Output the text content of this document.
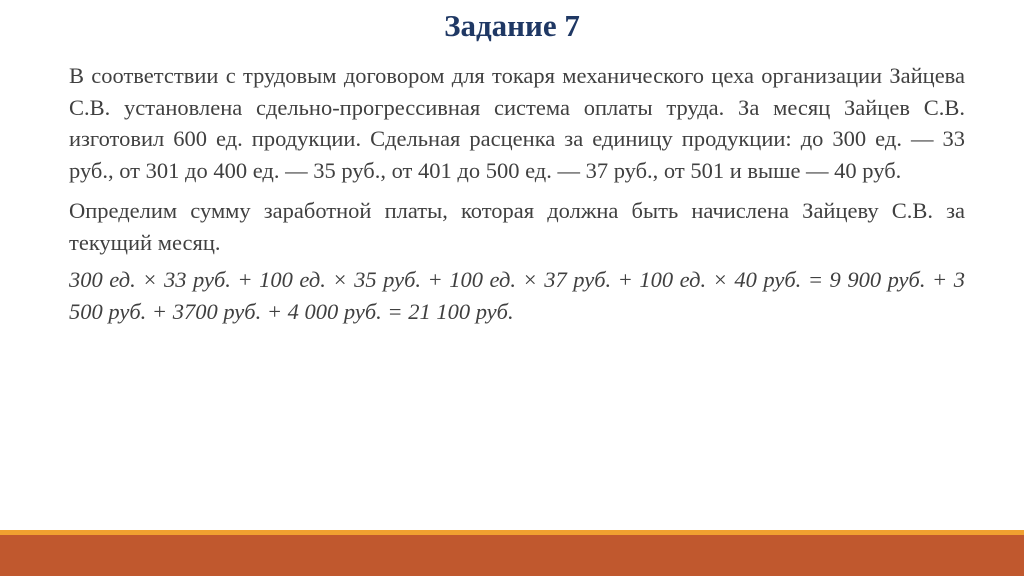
Задание 7

В соответствии с трудовым договором для токаря механического цеха организации Зайцева С.В. установлена сдельно-прогрессивная система оплаты труда. За месяц Зайцев С.В. изготовил 600 ед. продукции. Сдельная расценка за единицу продукции: до 300 ед. — 33 руб., от 301 до 400 ед. — 35 руб., от 401 до 500 ед. — 37 руб., от 501 и выше — 40 руб.

Определим сумму заработной платы, которая должна быть начислена Зайцеву С.В. за текущий месяц.

300 ед. × 33 руб. + 100 ед. × 35 руб. + 100 ед. × 37 руб. + 100 ед. × 40 руб. = 9 900 руб. + 3 500 руб. + 3700 руб. + 4 000 руб. = 21 100 руб.
